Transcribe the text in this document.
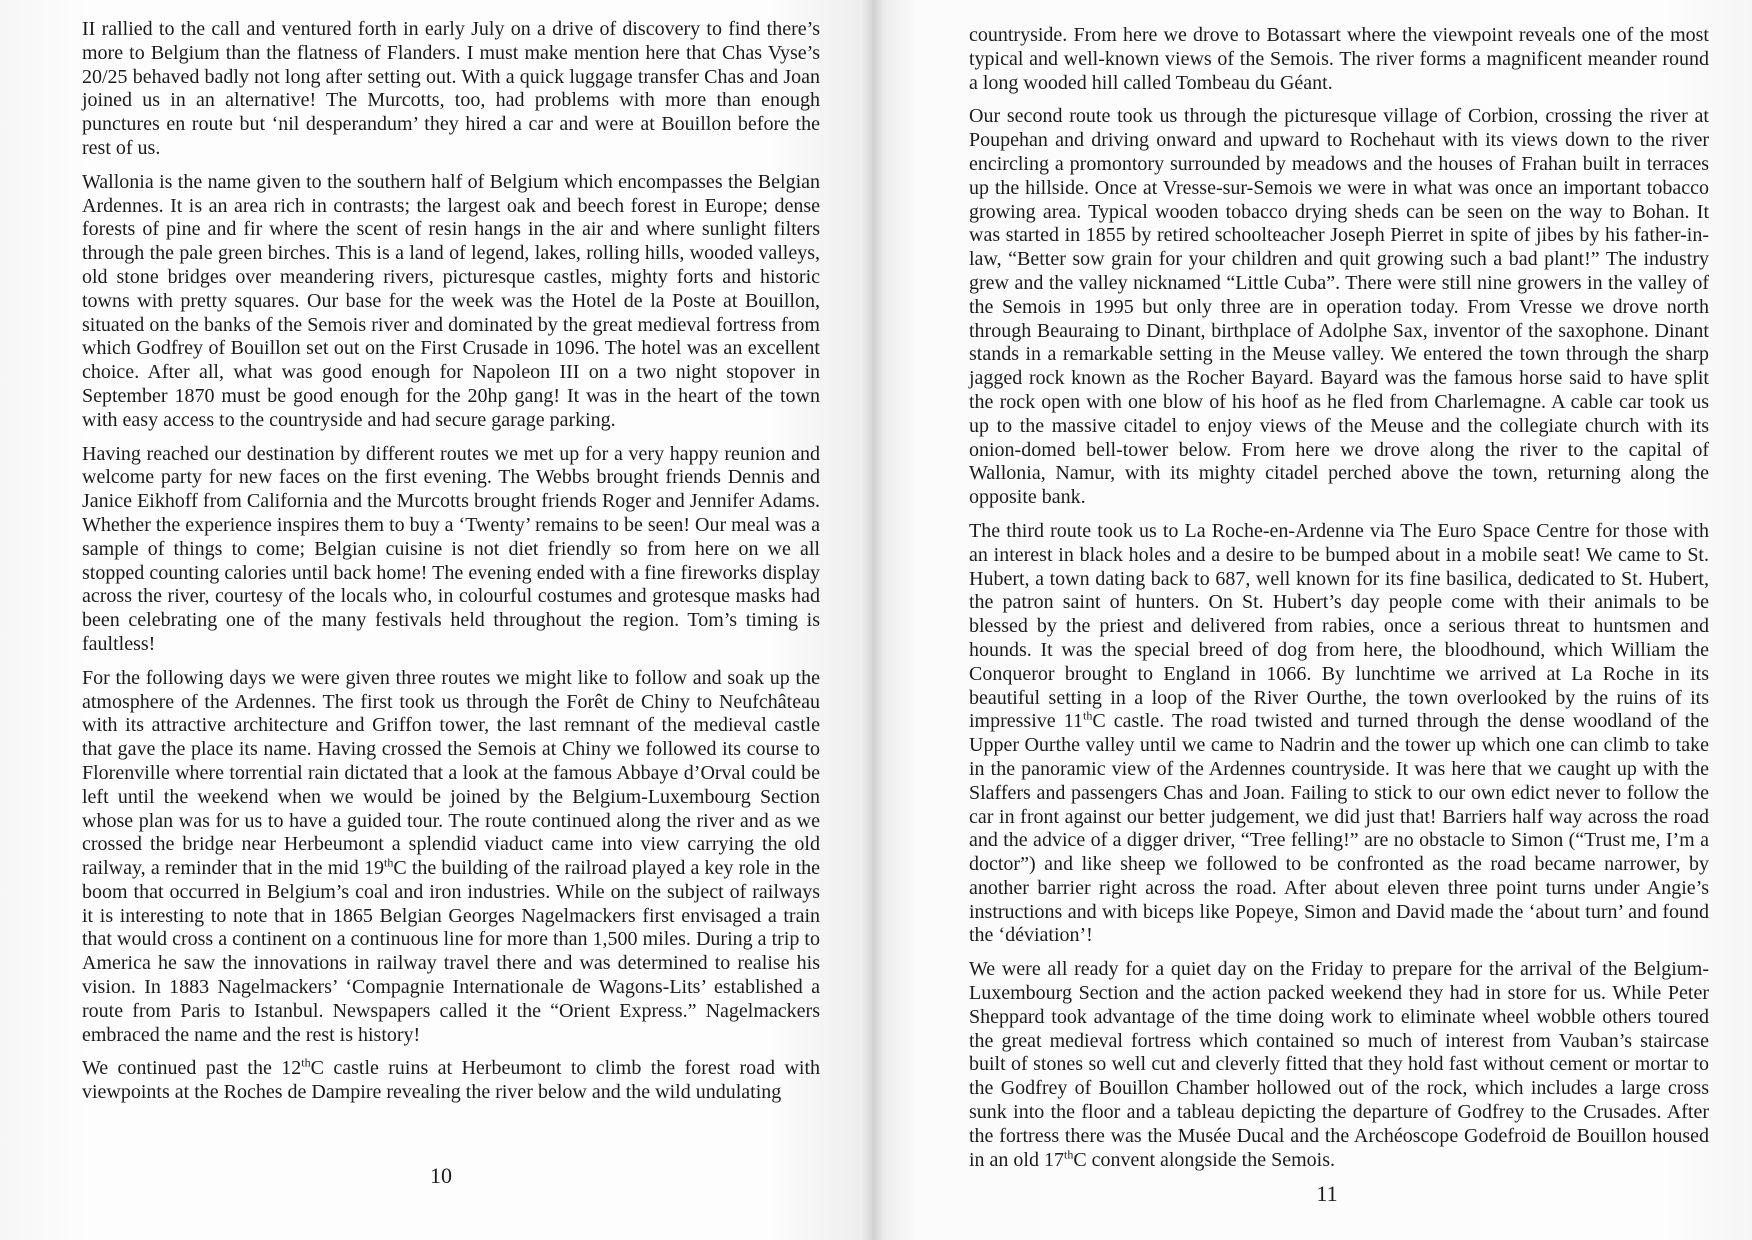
II rallied to the call and ventured forth in early July on a drive of discovery to find there’s more to Belgium than the flatness of Flanders. I must make mention here that Chas Vyse’s 20/25 behaved badly not long after setting out. With a quick luggage transfer Chas and Joan joined us in an alternative! The Murcotts, too, had problems with more than enough punctures en route but ‘nil desperandum’ they hired a car and were at Bouillon before the rest of us.

Wallonia is the name given to the southern half of Belgium which encompasses the Belgian Ardennes. It is an area rich in contrasts; the largest oak and beech forest in Europe; dense forests of pine and fir where the scent of resin hangs in the air and where sunlight filters through the pale green birches. This is a land of legend, lakes, rolling hills, wooded valleys, old stone bridges over meandering rivers, picturesque castles, mighty forts and historic towns with pretty squares. Our base for the week was the Hotel de la Poste at Bouillon, situated on the banks of the Semois river and dominated by the great medieval fortress from which Godfrey of Bouillon set out on the First Crusade in 1096. The hotel was an excellent choice. After all, what was good enough for Napoleon III on a two night stopover in September 1870 must be good enough for the 20hp gang! It was in the heart of the town with easy access to the countryside and had secure garage parking.

Having reached our destination by different routes we met up for a very happy reunion and welcome party for new faces on the first evening. The Webbs brought friends Dennis and Janice Eikhoff from California and the Murcotts brought friends Roger and Jennifer Adams. Whether the experience inspires them to buy a ‘Twenty’ remains to be seen! Our meal was a sample of things to come; Belgian cuisine is not diet friendly so from here on we all stopped counting calories until back home! The evening ended with a fine fireworks display across the river, courtesy of the locals who, in colourful costumes and grotesque masks had been celebrating one of the many festivals held throughout the region. Tom’s timing is faultless!

For the following days we were given three routes we might like to follow and soak up the atmosphere of the Ardennes. The first took us through the Forêt de Chiny to Neufchâteau with its attractive architecture and Griffon tower, the last remnant of the medieval castle that gave the place its name. Having crossed the Semois at Chiny we followed its course to Florenville where torrential rain dictated that a look at the famous Abbaye d’Orval could be left until the weekend when we would be joined by the Belgium-Luxembourg Section whose plan was for us to have a guided tour. The route continued along the river and as we crossed the bridge near Herbeumont a splendid viaduct came into view carrying the old railway, a reminder that in the mid 19thC the building of the railroad played a key role in the boom that occurred in Belgium’s coal and iron industries. While on the subject of railways it is interesting to note that in 1865 Belgian Georges Nagelmackers first envisaged a train that would cross a continent on a continuous line for more than 1,500 miles. During a trip to America he saw the innovations in railway travel there and was determined to realise his vision. In 1883 Nagelmackers’ ‘Compagnie Internationale de Wagons-Lits’ established a route from Paris to Istanbul. Newspapers called it the “Orient Express.” Nagelmackers embraced the name and the rest is history!

We continued past the 12thC castle ruins at Herbeumont to climb the forest road with viewpoints at the Roches de Dampire revealing the river below and the wild undulating

10

countryside. From here we drove to Botassart where the viewpoint reveals one of the most typical and well-known views of the Semois. The river forms a magnificent meander round a long wooded hill called Tombeau du Géant.

Our second route took us through the picturesque village of Corbion, crossing the river at Poupehan and driving onward and upward to Rochehaut with its views down to the river encircling a promontory surrounded by meadows and the houses of Frahan built in terraces up the hillside. Once at Vresse-sur-Semois we were in what was once an important tobacco growing area. Typical wooden tobacco drying sheds can be seen on the way to Bohan. It was started in 1855 by retired schoolteacher Joseph Pierret in spite of jibes by his father-in-law, “Better sow grain for your children and quit growing such a bad plant!” The industry grew and the valley nicknamed “Little Cuba”. There were still nine growers in the valley of the Semois in 1995 but only three are in operation today. From Vresse we drove north through Beauraing to Dinant, birthplace of Adolphe Sax, inventor of the saxophone. Dinant stands in a remarkable setting in the Meuse valley. We entered the town through the sharp jagged rock known as the Rocher Bayard. Bayard was the famous horse said to have split the rock open with one blow of his hoof as he fled from Charlemagne. A cable car took us up to the massive citadel to enjoy views of the Meuse and the collegiate church with its onion-domed bell-tower below. From here we drove along the river to the capital of Wallonia, Namur, with its mighty citadel perched above the town, returning along the opposite bank.

The third route took us to La Roche-en-Ardenne via The Euro Space Centre for those with an interest in black holes and a desire to be bumped about in a mobile seat! We came to St. Hubert, a town dating back to 687, well known for its fine basilica, dedicated to St. Hubert, the patron saint of hunters. On St. Hubert’s day people come with their animals to be blessed by the priest and delivered from rabies, once a serious threat to huntsmen and hounds. It was the special breed of dog from here, the bloodhound, which William the Conqueror brought to England in 1066. By lunchtime we arrived at La Roche in its beautiful setting in a loop of the River Ourthe, the town overlooked by the ruins of its impressive 11thC castle. The road twisted and turned through the dense woodland of the Upper Ourthe valley until we came to Nadrin and the tower up which one can climb to take in the panoramic view of the Ardennes countryside. It was here that we caught up with the Slaffers and passengers Chas and Joan. Failing to stick to our own edict never to follow the car in front against our better judgement, we did just that! Barriers half way across the road and the advice of a digger driver, “Tree felling!” are no obstacle to Simon (“Trust me, I’m a doctor”) and like sheep we followed to be confronted as the road became narrower, by another barrier right across the road. After about eleven three point turns under Angie’s instructions and with biceps like Popeye, Simon and David made the ‘about turn’ and found the ‘déviation’!

We were all ready for a quiet day on the Friday to prepare for the arrival of the Belgium-Luxembourg Section and the action packed weekend they had in store for us. While Peter Sheppard took advantage of the time doing work to eliminate wheel wobble others toured the great medieval fortress which contained so much of interest from Vauban’s staircase built of stones so well cut and cleverly fitted that they hold fast without cement or mortar to the Godfrey of Bouillon Chamber hollowed out of the rock, which includes a large cross sunk into the floor and a tableau depicting the departure of Godfrey to the Crusades. After the fortress there was the Musée Ducal and the Archéoscope Godefroid de Bouillon housed in an old 17thC convent alongside the Semois.

11
